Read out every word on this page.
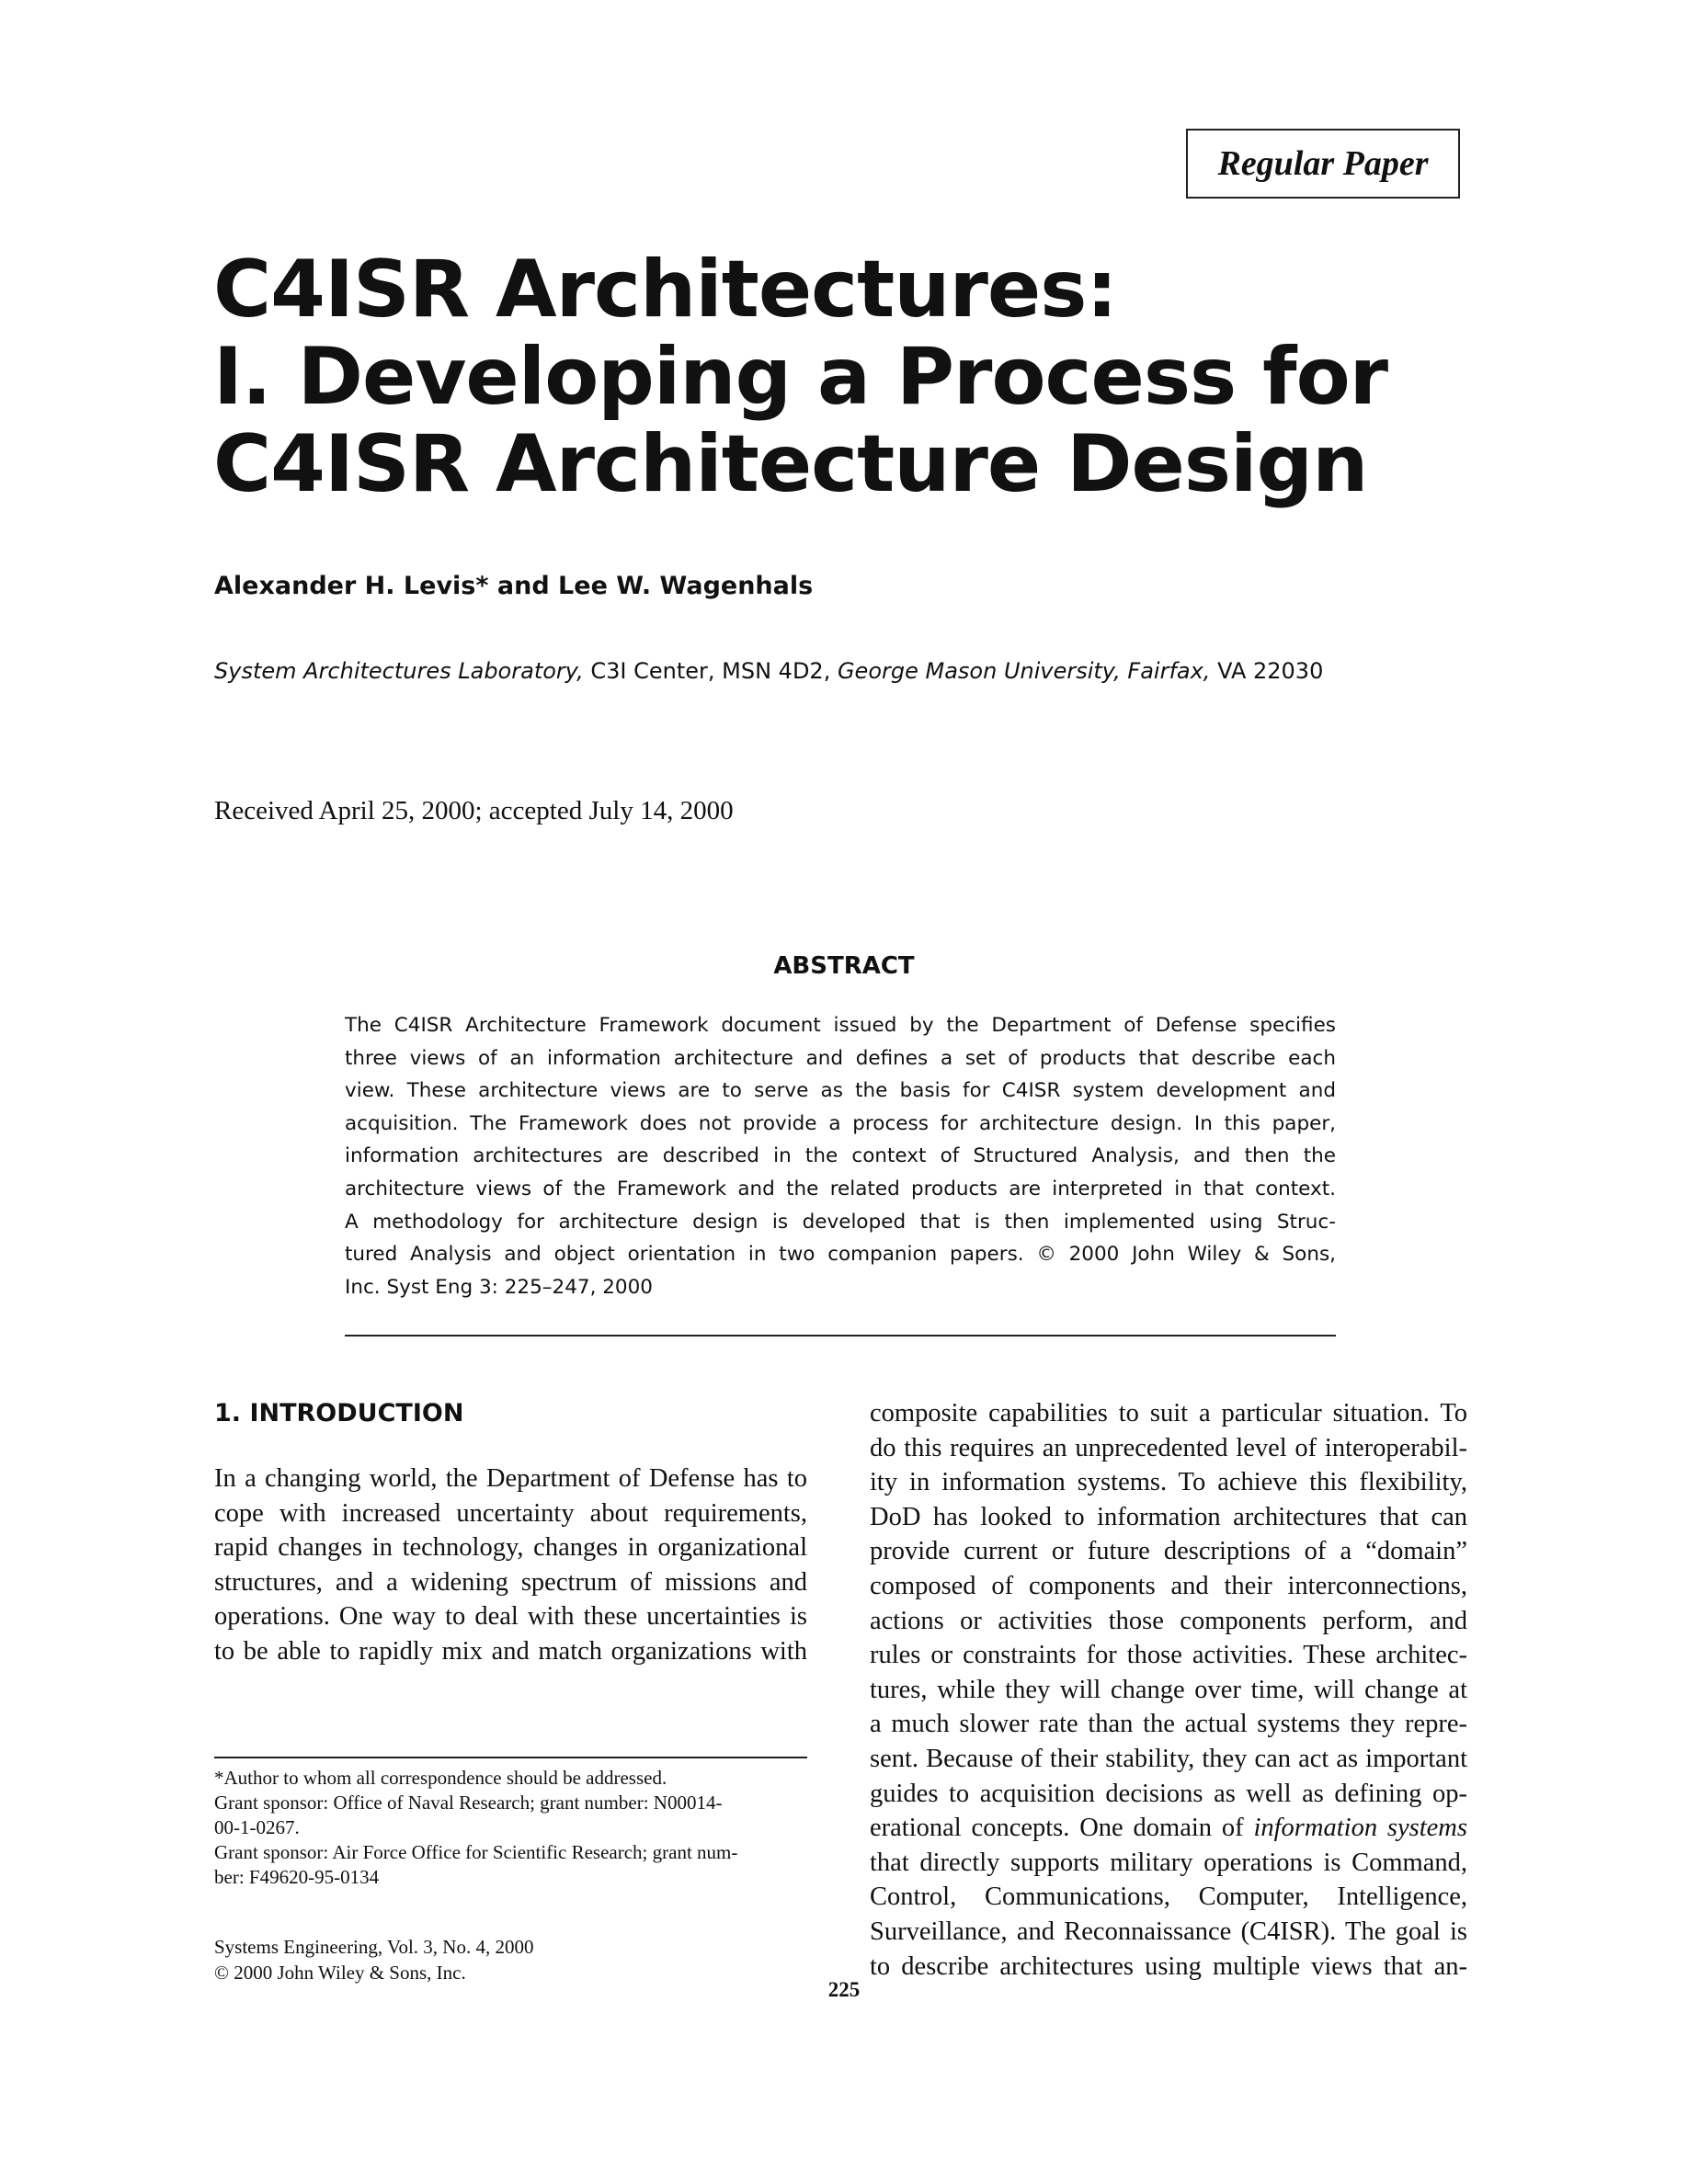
Regular Paper
C4ISR Architectures:
I. Developing a Process for
C4ISR Architecture Design
Alexander H. Levis* and Lee W. Wagenhals
System Architectures Laboratory, C3I Center, MSN 4D2, George Mason University, Fairfax, VA 22030
Received April 25, 2000; accepted July 14, 2000
ABSTRACT
The C4ISR Architecture Framework document issued by the Department of Defense specifies
three views of an information architecture and defines a set of products that describe each
view. These architecture views are to serve as the basis for C4ISR system development and
acquisition. The Framework does not provide a process for architecture design. In this paper,
information architectures are described in the context of Structured Analysis, and then the
architecture views of the Framework and the related products are interpreted in that context.
A methodology for architecture design is developed that is then implemented using Struc-
tured Analysis and object orientation in two companion papers. © 2000 John Wiley & Sons,
Inc. Syst Eng 3: 225–247, 2000
1. INTRODUCTION
In a changing world, the Department of Defense has to
cope with increased uncertainty about requirements,
rapid changes in technology, changes in organizational
structures, and a widening spectrum of missions and
operations. One way to deal with these uncertainties is
to be able to rapidly mix and match organizations with
*Author to whom all correspondence should be addressed.
Grant sponsor: Office of Naval Research; grant number: N00014-
00-1-0267.
Grant sponsor: Air Force Office for Scientific Research; grant num-
ber: F49620-95-0134
Systems Engineering, Vol. 3, No. 4, 2000
© 2000 John Wiley & Sons, Inc.
composite capabilities to suit a particular situation. To
do this requires an unprecedented level of interoperabil-
ity in information systems. To achieve this flexibility,
DoD has looked to information architectures that can
provide current or future descriptions of a “domain”
composed of components and their interconnections,
actions or activities those components perform, and
rules or constraints for those activities. These architec-
tures, while they will change over time, will change at
a much slower rate than the actual systems they repre-
sent. Because of their stability, they can act as important
guides to acquisition decisions as well as defining op-
erational concepts. One domain of information systems
that directly supports military operations is Command,
Control, Communications, Computer, Intelligence,
Surveillance, and Reconnaissance (C4ISR). The goal is
to describe architectures using multiple views that an-
225
